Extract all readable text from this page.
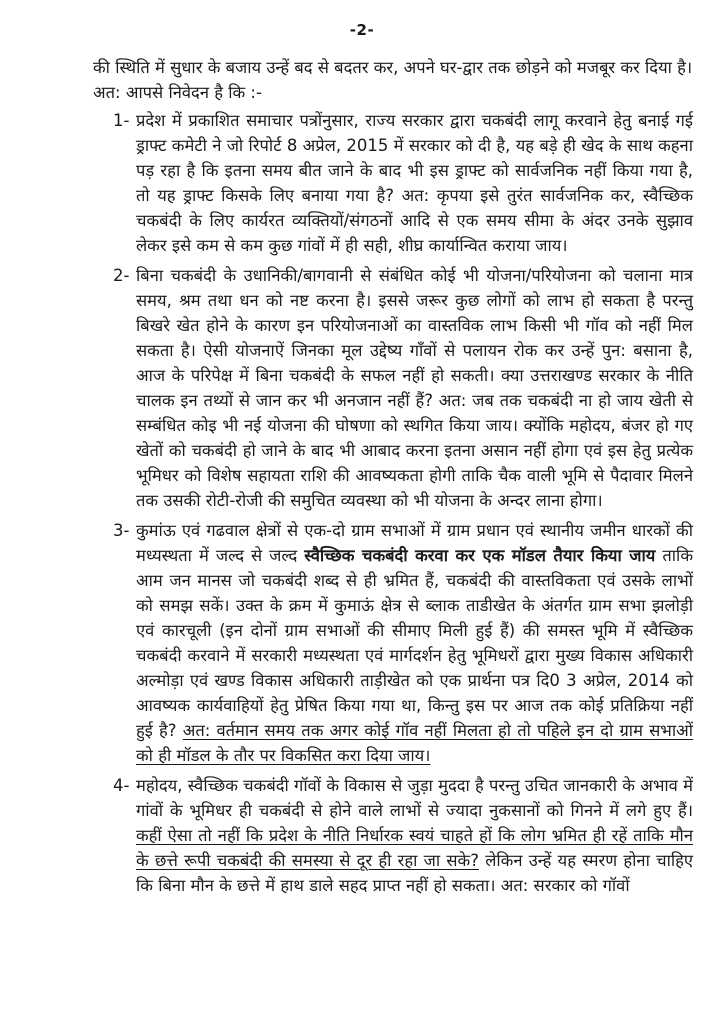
-2-

की स्थिति में सुधार के बजाय उन्हें बद से बदतर कर, अपने घर-द्वार तक छोड़ने को मजबूर कर दिया है।

अत: आपसे निवेदन है कि :-

1- प्रदेश में प्रकाशित समाचार पत्रोंनुसार, राज्य सरकार द्वारा चकबंदी लागू करवाने हेतु बनाई गई ड्राफ्ट कमेटी ने जो रिपोर्ट 8 अप्रेल, 2015 में सरकार को दी है, यह बड़े ही खेद के साथ कहना पड़ रहा है कि इतना समय बीत जाने के बाद भी इस ड्राफ्ट को सार्वजनिक नहीं किया गया है, तो यह ड्राफ्ट किसके लिए बनाया गया है? अत: कृपया इसे तुरंत सार्वजनिक कर, स्वैच्छिक चकबंदी के लिए कार्यरत व्यक्तियों/संगठनों आदि से एक समय सीमा के अंदर उनके सुझाव लेकर इसे कम से कम कुछ गांवों में ही सही, शीघ्र कार्यान्वित कराया जाय।
2- बिना चकबंदी के उधानिकी/बागवानी से संबंधित कोई भी योजना/परियोजना को चलाना मात्र समय, श्रम तथा धन को नष्ट करना है। इससे जरूर कुछ लोगों को लाभ हो सकता है परन्तु बिखरे खेत होने के कारण इन परियोजनाओं का वास्तविक लाभ किसी भी गॉव को नहीं मिल सकता है। ऐसी योजनाऐं जिनका मूल उद्देष्य गाँवों से पलायन रोक कर उन्हें पुन: बसाना है, आज के परिपेक्ष में बिना चकबंदी के सफल नहीं हो सकती। क्या उत्तराखण्ड सरकार के नीति चालक इन तथ्यों से जान कर भी अनजान नहीं हैं? अत: जब तक चकबंदी ना हो जाय खेती से सम्बंधित कोइ भी नई योजना की घोषणा को स्थगित किया जाय। क्योंकि महोदय, बंजर हो गए खेतों को चकबंदी हो जाने के बाद भी आबाद करना इतना असान नहीं होगा एवं इस हेतु प्रत्येक भूमिधर को विशेष सहायता राशि की आवष्यकता होगी ताकि चैक वाली भूमि से पैदावार मिलने तक उसकी रोटी-रोजी की समुचित व्यवस्था को भी योजना के अन्दर लाना होगा।
3- कुमांऊ एवं गढवाल क्षेत्रों से एक-दो ग्राम सभाओं में ग्राम प्रधान एवं स्थानीय जमीन धारकों की मध्यस्थता में जल्द से जल्द स्वैच्छिक चकबंदी करवा कर एक मॉडल तैयार किया जाय ताकि आम जन मानस जो चकबंदी शब्द से ही भ्रमित हैं, चकबंदी की वास्तविकता एवं उसके लाभों को समझ सकें। उक्त के क्रम में कुमाऊं क्षेत्र से ब्लाक ताडीखेत के अंतर्गत ग्राम सभा झलोड़ी एवं कारचूली (इन दोनों ग्राम सभाओं की सीमाए मिली हुई हैं) की समस्त भूमि में स्वैच्छिक चकबंदी करवाने में सरकारी मध्यस्थता एवं मार्गदर्शन हेतु भूमिधरों द्वारा मुख्य विकास अधिकारी अल्मोड़ा एवं खण्ड विकास अधिकारी ताड़ीखेत को एक प्रार्थना पत्र दि0 3 अप्रेल, 2014 को आवष्यक कार्यवाहियों हेतु प्रेषित किया गया था, किन्तु इस पर आज तक कोई प्रतिक्रिया नहीं हुई है? अत: वर्तमान समय तक अगर कोई गॉव नहीं मिलता हो तो पहिले इन दो ग्राम सभाओं को ही मॉडल के तौर पर विकसित करा दिया जाय।
4- महोदय, स्वैच्छिक चकबंदी गॉवों के विकास से जुड़ा मुददा है परन्तु उचित जानकारी के अभाव में गांवों के भूमिधर ही चकबंदी से होने वाले लाभों से ज्यादा नुकसानों को गिनने में लगे हुए हैं। कहीं ऐसा तो नहीं कि प्रदेश के नीति निर्धारक स्वयं चाहते हों कि लोग भ्रमित ही रहें ताकि मौन के छत्ते रूपी चकबंदी की समस्या से दूर ही रहा जा सके? लेकिन उन्हें यह स्मरण होना चाहिए कि बिना मौन के छत्ते में हाथ डाले सहद प्राप्त नहीं हो सकता। अत: सरकार को गॉवों
